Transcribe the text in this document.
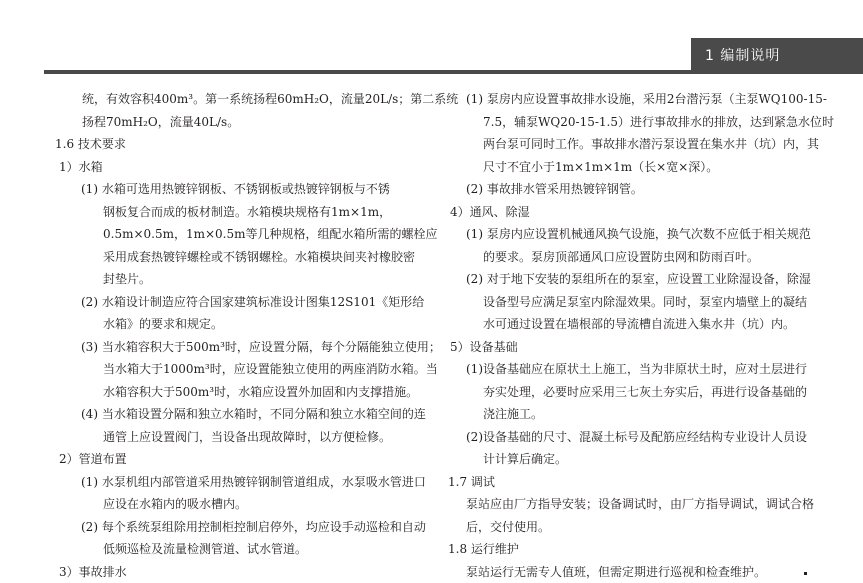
1 编制说明
统，有效容积400m³。第一系统扬程60mH₂O，流量20L/s；第二系统
扬程70mH₂O，流量40L/s。
1.6 技术要求
1）水箱
(1) 水箱可选用热镀锌钢板、不锈钢板或热镀锌钢板与不锈
钢板复合而成的板材制造。水箱模块规格有1m×1m，
0.5m×0.5m，1m×0.5m等几种规格，组配水箱所需的螺栓应
采用成套热镀锌螺栓或不锈钢螺栓。水箱模块间夹衬橡胶密
封垫片。
(2) 水箱设计制造应符合国家建筑标准设计图集12S101《矩形给
水箱》的要求和规定。
(3) 当水箱容积大于500m³时，应设置分隔，每个分隔能独立使用；
当水箱大于1000m³时，应设置能独立使用的两座消防水箱。当
水箱容积大于500m³时，水箱应设置外加固和内支撑措施。
(4) 当水箱设置分隔和独立水箱时，不同分隔和独立水箱空间的连
通管上应设置阀门，当设备出现故障时，以方便检修。
2）管道布置
(1) 水泵机组内部管道采用热镀锌钢制管道组成，水泵吸水管进口
应设在水箱内的吸水槽内。
(2) 每个系统泵组除用控制柜控制启停外，均应设手动巡检和自动
低频巡检及流量检测管道、试水管道。
3）事故排水
(1) 泵房内应设置事故排水设施，采用2台潜污泵（主泵WQ100-15-
7.5，辅泵WQ20-15-1.5）进行事故排水的排放，达到紧急水位时
两台泵可同时工作。事故排水潜污泵设置在集水井（坑）内，其
尺寸不宜小于1m×1m×1m（长×宽×深）。
(2) 事故排水管采用热镀锌钢管。
4）通风、除湿
(1) 泵房内应设置机械通风换气设施，换气次数不应低于相关规范
的要求。泵房顶部通风口应设置防虫网和防雨百叶。
(2) 对于地下安装的泵组所在的泵室，应设置工业除湿设备，除湿
设备型号应满足泵室内除湿效果。同时，泵室内墙壁上的凝结
水可通过设置在墙根部的导流槽自流进入集水井（坑）内。
5）设备基础
(1)设备基础应在原状土上施工，当为非原状土时，应对土层进行
夯实处理，必要时应采用三七灰土夯实后，再进行设备基础的
浇注施工。
(2)设备基础的尺寸、混凝土标号及配筋应经结构专业设计人员设
计计算后确定。
1.7 调试
泵站应由厂方指导安装；设备调试时，由厂方指导调试，调试合格
后，交付使用。
1.8 运行维护
泵站运行无需专人值班，但需定期进行巡视和检查维护。
